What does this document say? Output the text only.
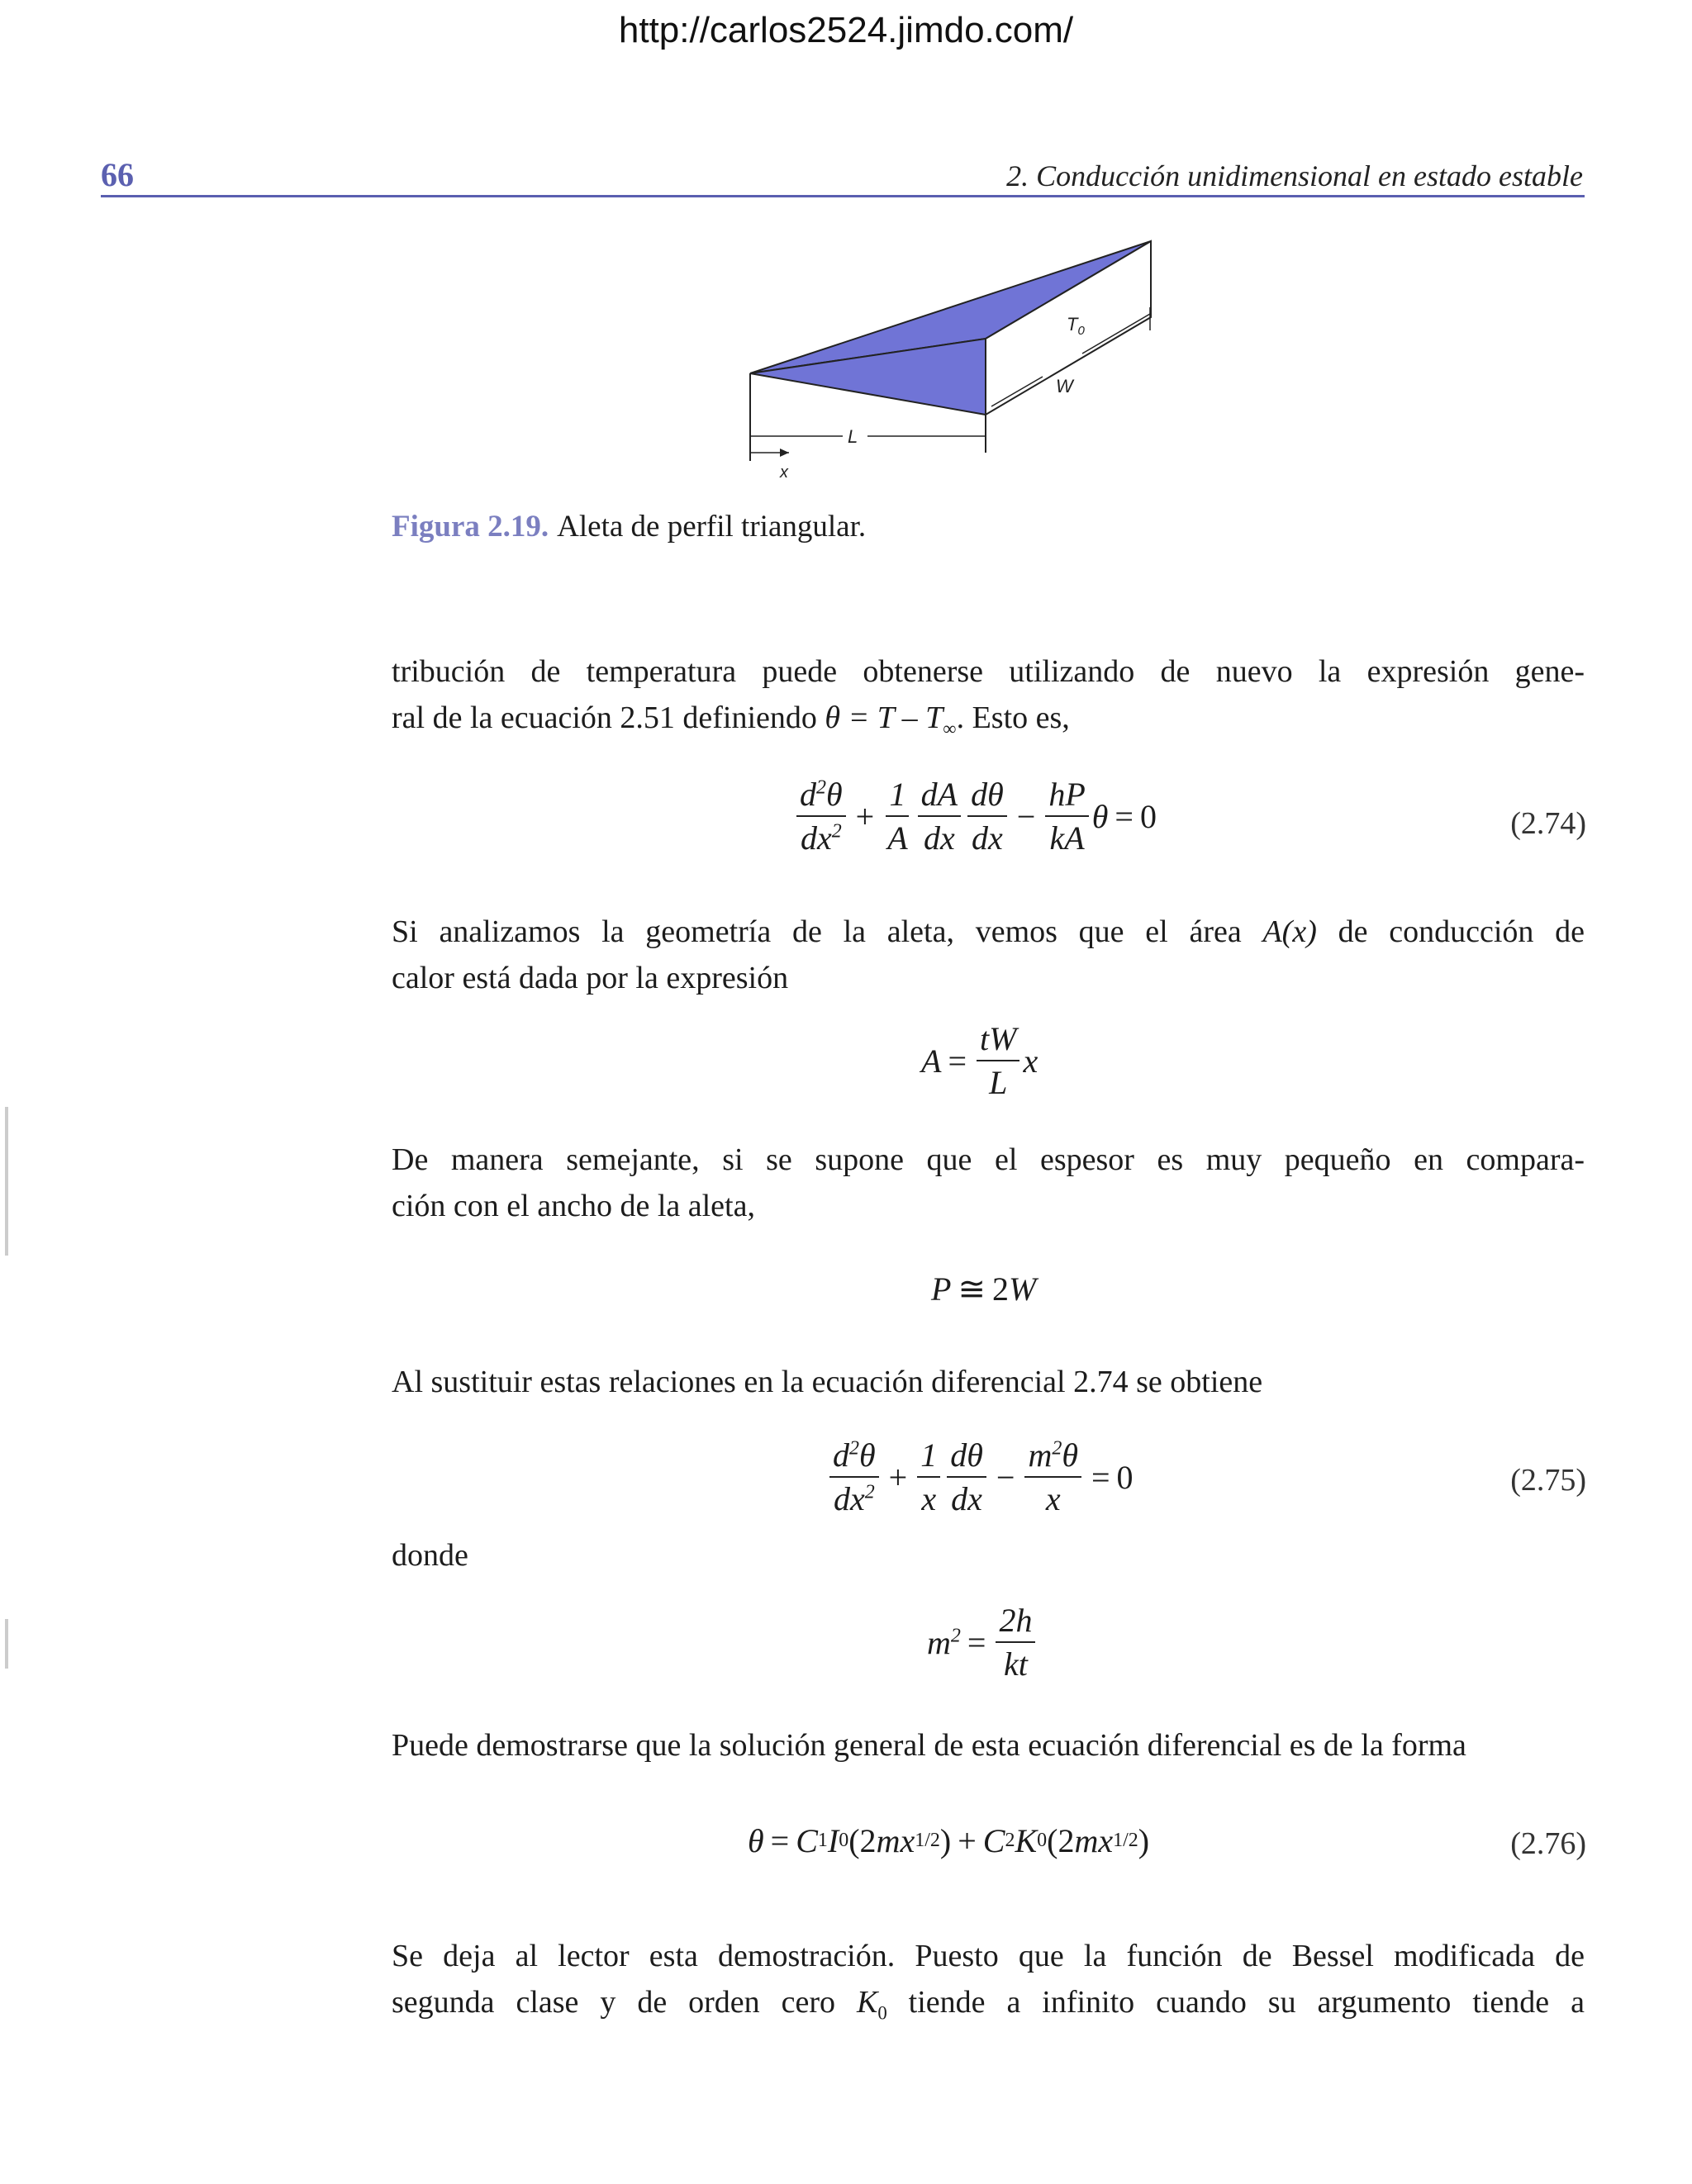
http://carlos2524.jimdo.com/
66	2. Conducción unidimensional en estado estable
$T_0$
W
L
x
Figura 2.19. Aleta de perfil triangular.
tribución de temperatura puede obtenerse utilizando de nuevo la expresión gene-
ral de la ecuación 2.51 definiendo $\theta = T - T_\infty$. Esto es,
$\frac{d^2\theta}{dx^2} + \frac{1}{A} \frac{dA}{dx} \frac{d\theta}{dx} - \frac{hP}{kA}$ θ = 0	(2.74)
Si analizamos la geometría de la aleta, vemos que el área A(x) de conducción de
calor está dada por la expresión
$A = \frac{tW}{L}$ x
De manera semejante, si se supone que el espesor es muy pequeño en compara-
ción con el ancho de la aleta,
P ≅ 2 W
Al sustituir estas relaciones en la ecuación diferencial 2.74 se obtiene
$\frac{d^2\theta}{dx^2} + \frac{1}{x} \frac{d\theta}{dx} - \frac{m^2\theta}{x} = 0$	(2.75)
donde
$m^2 = \frac{2h}{kt}$
Puede demostrarse que la solución general de esta ecuación diferencial es de la forma
θ = C 1 I 0 (2 mx 1/2 ) + C 2 K 0 (2 mx 1/2 )	(2.76)
Se deja al lector esta demostración. Puesto que la función de Bessel modificada de
segunda clase y de orden cero $K_0$ tiende a infinito cuando su argumento tiende a
